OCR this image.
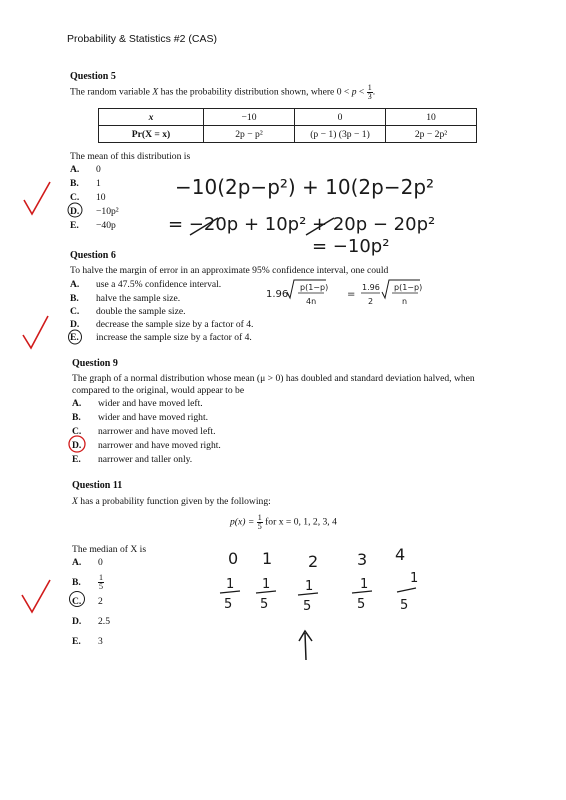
Probability & Statistics #2 (CAS)
Question 5
The random variable X has the probability distribution shown, where $0 < p < \frac{1}{3}$ .
x	−10	0	10
Pr(X = x)	2p − p²	(p − 1) (3p − 1)	2p − 2p²
The mean of this distribution is
A. 0
B. 1
C. 10
D. −10p²
E. −40p
Question 6
To halve the margin of error in an approximate 95% confidence interval, one could
A. use a 47.5% confidence interval.
B. halve the sample size.
C. double the sample size.
D. decrease the sample size by a factor of 4.
E. increase the sample size by a factor of 4.
Question 9
The graph of a normal distribution whose mean (μ > 0) has doubled and standard deviation halved, when
compared to the original, would appear to be
A. wider and have moved left.
B. wider and have moved right.
C. narrower and have moved left.
D. narrower and have moved right.
E. narrower and taller only.
Question 11
X has a probability function given by the following:
$p(x) = \frac{1}{5}$ for x = 0, 1, 2, 3, 4
The median of X is
A. 0
B. $\frac{1}{5}$
C. 2
D. 2.5
E. 3
−10(2p−p²) + 10(2p−2p²
= −20p + 10p² + 20p − 20p²
= −10p²
1.96
p(1−p)
4n
=
1.96
2
p(1−p)
n
0 1 2 3 4
1
5
1
5
1
5
1
5
1
5
